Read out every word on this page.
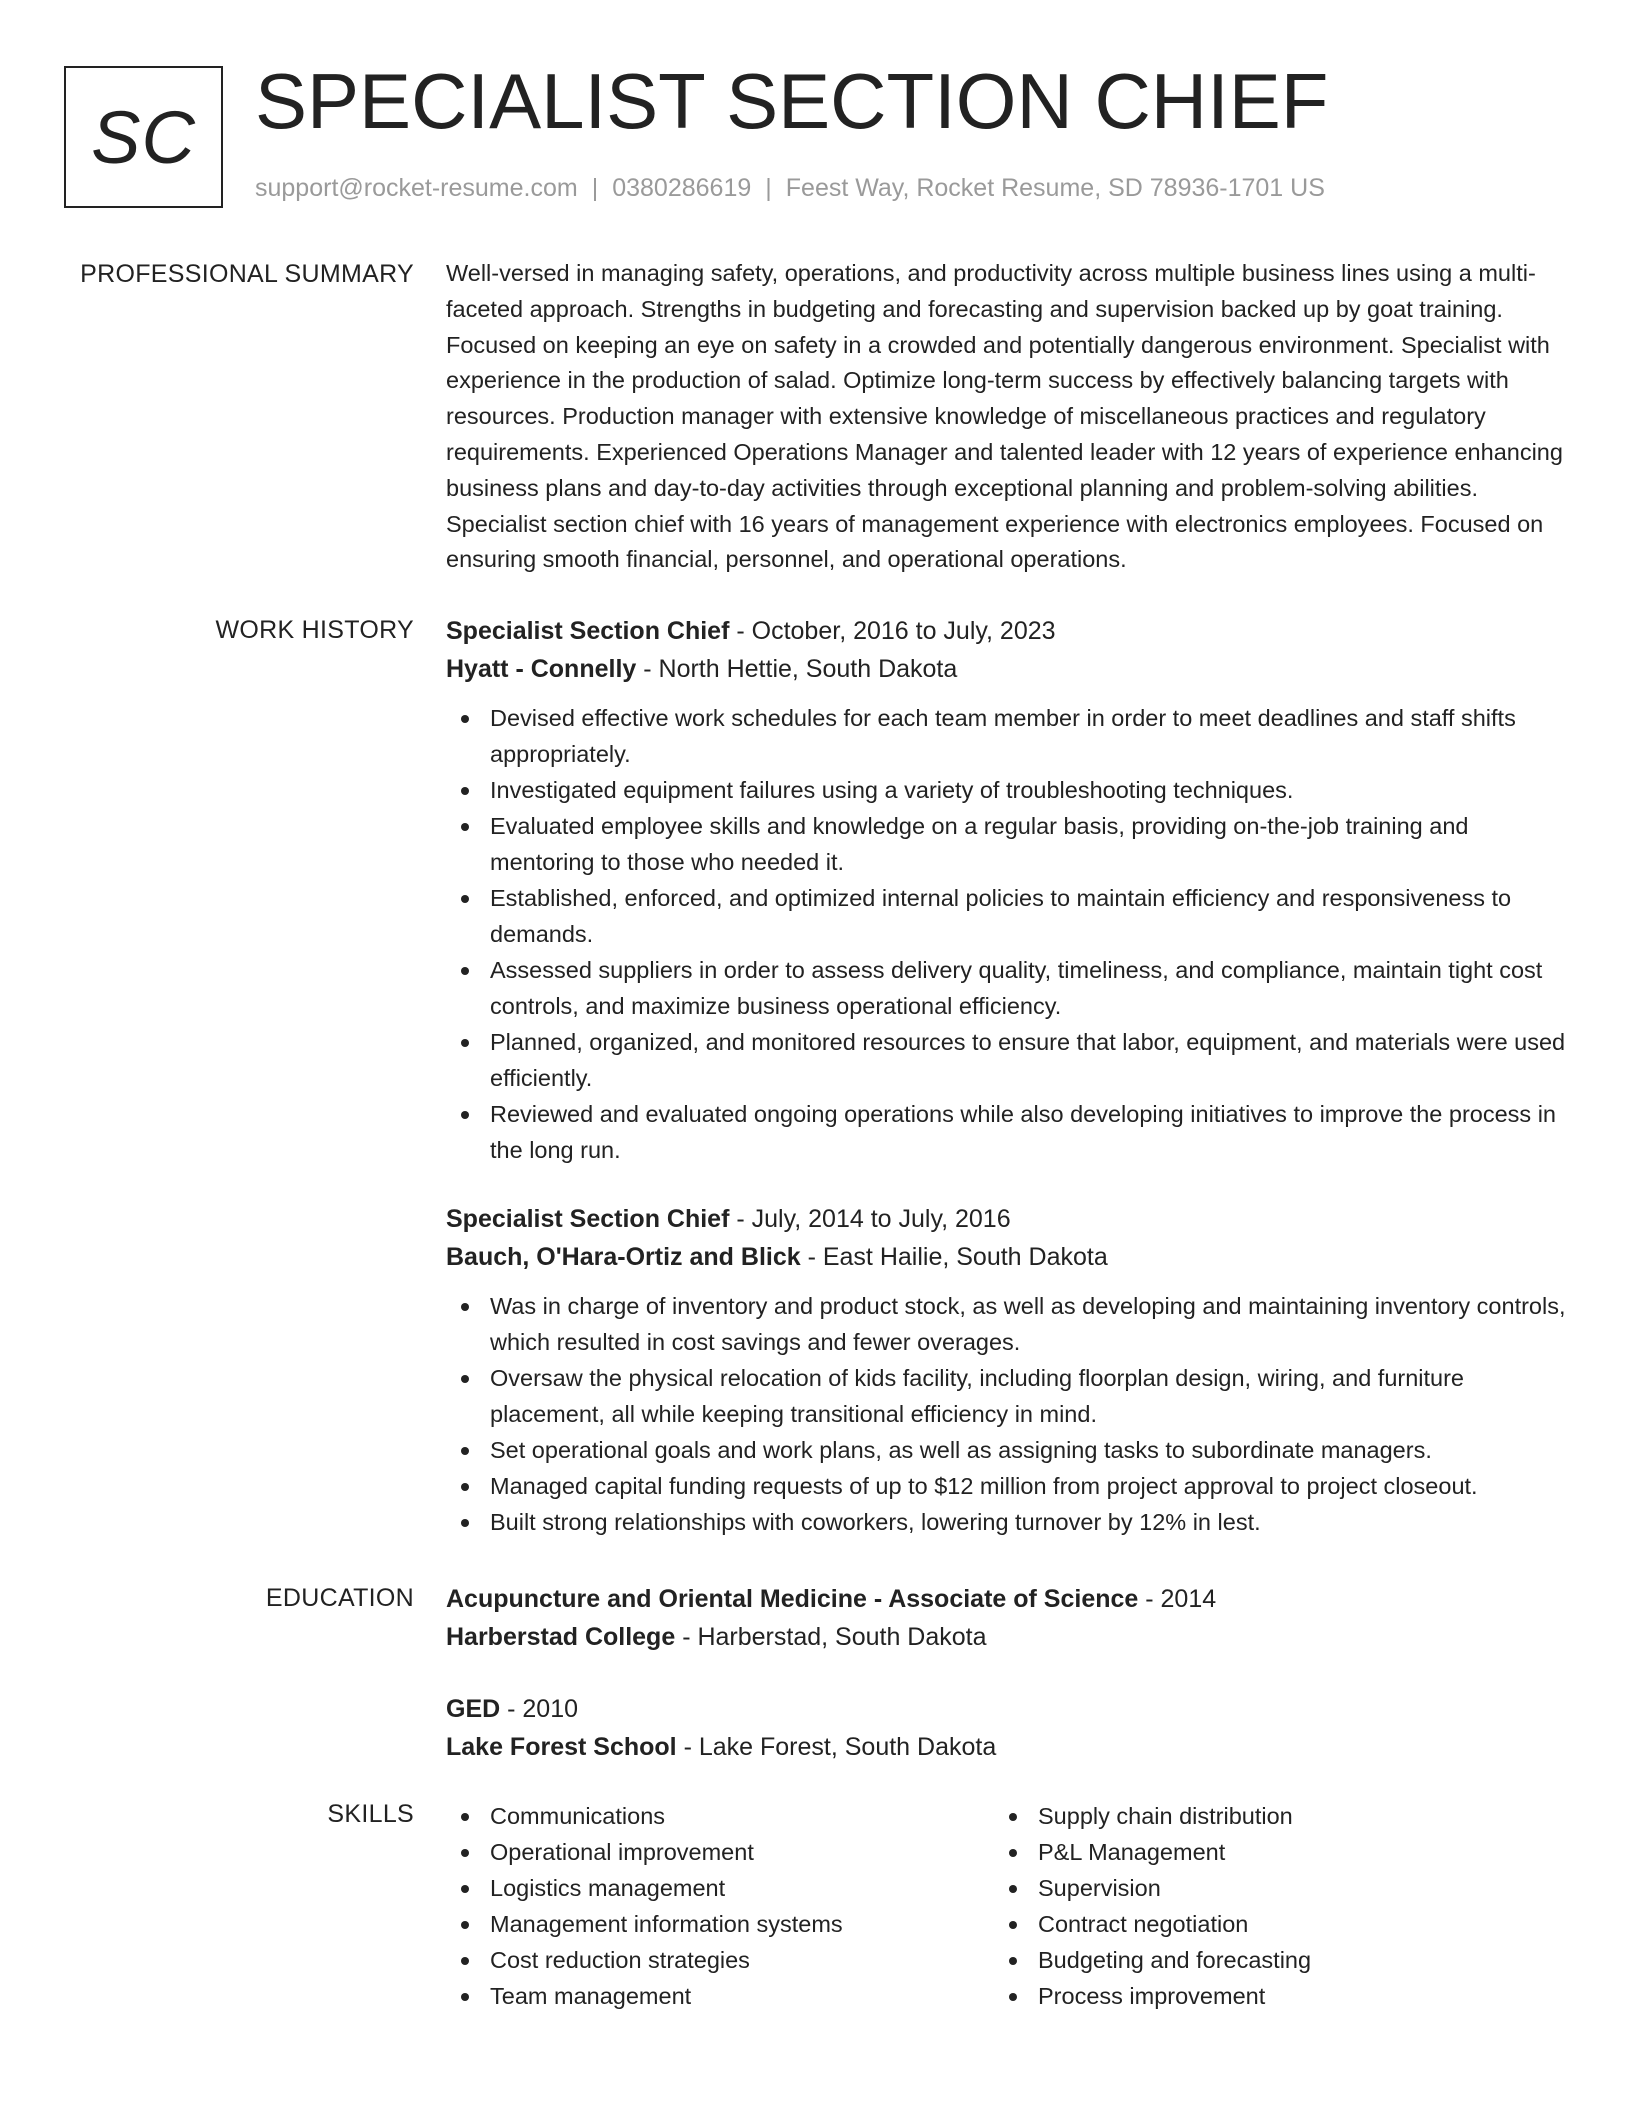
SC SPECIALIST SECTION CHIEF
support@rocket-resume.com | 0380286619 | Feest Way, Rocket Resume, SD 78936-1701 US
PROFESSIONAL SUMMARY Well-versed in managing safety, operations, and productivity across multiple business lines using a multi-faceted approach. Strengths in budgeting and forecasting and supervision backed up by goat training. Focused on keeping an eye on safety in a crowded and potentially dangerous environment. Specialist with experience in the production of salad. Optimize long-term success by effectively balancing targets with resources. Production manager with extensive knowledge of miscellaneous practices and regulatory requirements. Experienced Operations Manager and talented leader with 12 years of experience enhancing business plans and day-to-day activities through exceptional planning and problem-solving abilities. Specialist section chief with 16 years of management experience with electronics employees. Focused on ensuring smooth financial, personnel, and operational operations.

WORK HISTORY Specialist Section Chief - October, 2016 to July, 2023
Hyatt - Connelly - North Hettie, South Dakota
Devised effective work schedules for each team member in order to meet deadlines and staff shifts appropriately.
Investigated equipment failures using a variety of troubleshooting techniques.
Evaluated employee skills and knowledge on a regular basis, providing on-the-job training and mentoring to those who needed it.
Established, enforced, and optimized internal policies to maintain efficiency and responsiveness to demands.
Assessed suppliers in order to assess delivery quality, timeliness, and compliance, maintain tight cost controls, and maximize business operational efficiency.
Planned, organized, and monitored resources to ensure that labor, equipment, and materials were used efficiently.
Reviewed and evaluated ongoing operations while also developing initiatives to improve the process in the long run.
Specialist Section Chief - July, 2014 to July, 2016
Bauch, O'Hara-Ortiz and Blick - East Hailie, South Dakota
Was in charge of inventory and product stock, as well as developing and maintaining inventory controls, which resulted in cost savings and fewer overages.
Oversaw the physical relocation of kids facility, including floorplan design, wiring, and furniture placement, all while keeping transitional efficiency in mind.
Set operational goals and work plans, as well as assigning tasks to subordinate managers.
Managed capital funding requests of up to $12 million from project approval to project closeout.
Built strong relationships with coworkers, lowering turnover by 12% in lest.
EDUCATION Acupuncture and Oriental Medicine - Associate of Science - 2014
Harberstad College - Harberstad, South Dakota
GED - 2010
Lake Forest School - Lake Forest, South Dakota
SKILLS	Communications
Operational improvement
Logistics management
Management information systems
Cost reduction strategies
Team management
Supply chain distribution
P&L Management
Supervision
Contract negotiation
Budgeting and forecasting
Process improvement
